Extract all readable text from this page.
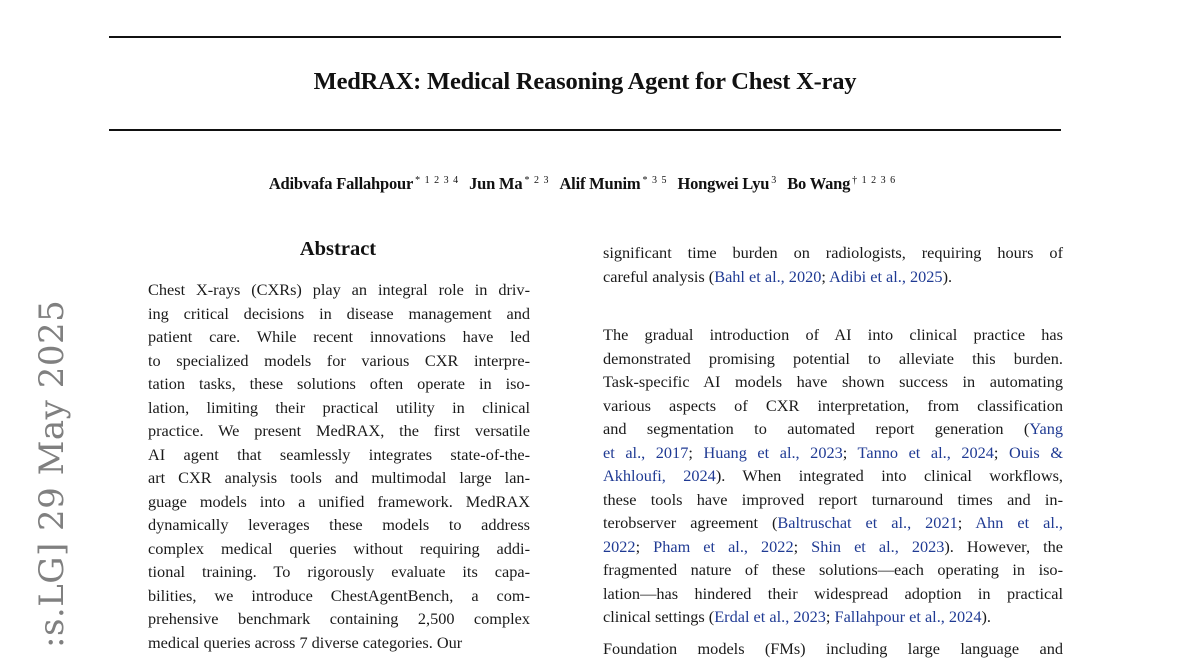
MedRAX: Medical Reasoning Agent for Chest X-ray
Adibvafa Fallahpour $^{* 1 2 3 4}$ Jun Ma $^{* 2 3}$ Alif Munim $^{* 3 5}$ Hongwei Lyu $^3$ Bo Wang $^{\dagger 1 2 3 6}$
:s.LG] 29 May 2025
Abstract
Chest X-rays (CXRs) play an integral role in driv-
ing critical decisions in disease management and
patient care. While recent innovations have led
to specialized models for various CXR interpre-
tation tasks, these solutions often operate in iso-
lation, limiting their practical utility in clinical
practice. We present MedRAX, the first versatile
AI agent that seamlessly integrates state-of-the-
art CXR analysis tools and multimodal large lan-
guage models into a unified framework. MedRAX
dynamically leverages these models to address
complex medical queries without requiring addi-
tional training. To rigorously evaluate its capa-
bilities, we introduce ChestAgentBench, a com-
prehensive benchmark containing 2,500 complex
medical queries across 7 diverse categories. Our
significant time burden on radiologists, requiring hours of
careful analysis (Bahl et al., 2020; Adibi et al., 2025).
The gradual introduction of AI into clinical practice has
demonstrated promising potential to alleviate this burden.
Task-specific AI models have shown success in automating
various aspects of CXR interpretation, from classification
and segmentation to automated report generation (Yang
et al., 2017; Huang et al., 2023; Tanno et al., 2024; Ouis &
Akhloufi, 2024). When integrated into clinical workflows,
these tools have improved report turnaround times and in-
terobserver agreement (Baltruschat et al., 2021; Ahn et al.,
2022; Pham et al., 2022; Shin et al., 2023). However, the
fragmented nature of these solutions—each operating in iso-
lation—has hindered their widespread adoption in practical
clinical settings (Erdal et al., 2023; Fallahpour et al., 2024).
Foundation models (FMs) including large language and
